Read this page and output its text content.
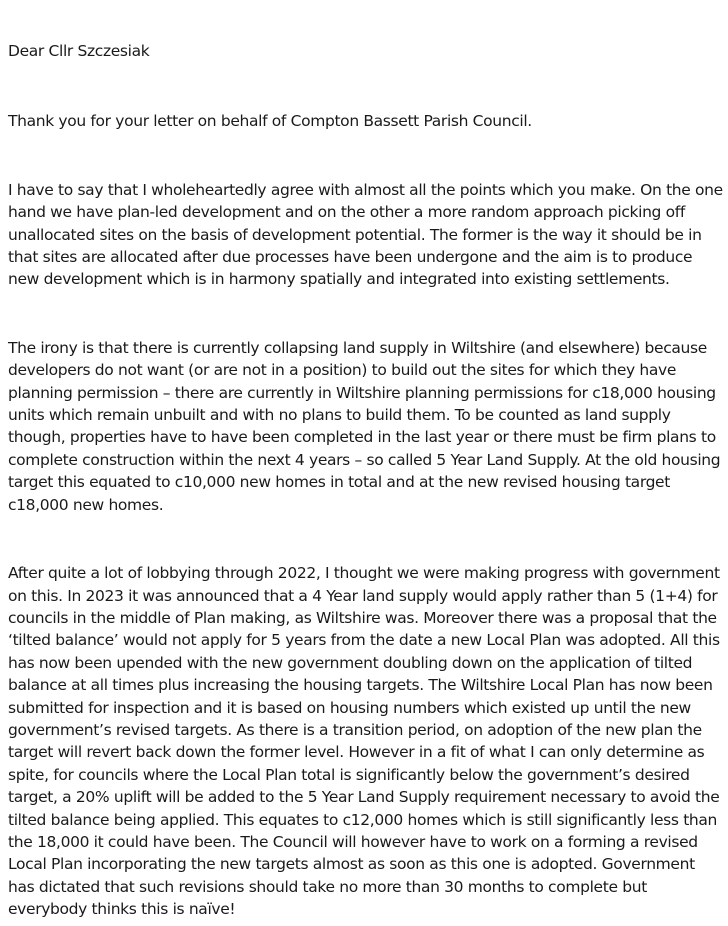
Dear Cllr Szczesiak

Thank you for your letter on behalf of Compton Bassett Parish Council.

I have to say that I wholeheartedly agree with almost all the points which you make. On the one
hand we have plan-led development and on the other a more random approach picking off
unallocated sites on the basis of development potential. The former is the way it should be in
that sites are allocated after due processes have been undergone and the aim is to produce
new development which is in harmony spatially and integrated into existing settlements.

The irony is that there is currently collapsing land supply in Wiltshire (and elsewhere) because
developers do not want (or are not in a position) to build out the sites for which they have
planning permission – there are currently in Wiltshire planning permissions for c18,000 housing
units which remain unbuilt and with no plans to build them. To be counted as land supply
though, properties have to have been completed in the last year or there must be firm plans to
complete construction within the next 4 years – so called 5 Year Land Supply. At the old housing
target this equated to c10,000 new homes in total and at the new revised housing target
c18,000 new homes.

After quite a lot of lobbying through 2022, I thought we were making progress with government
on this. In 2023 it was announced that a 4 Year land supply would apply rather than 5 (1+4) for
councils in the middle of Plan making, as Wiltshire was. Moreover there was a proposal that the
‘tilted balance’ would not apply for 5 years from the date a new Local Plan was adopted. All this
has now been upended with the new government doubling down on the application of tilted
balance at all times plus increasing the housing targets. The Wiltshire Local Plan has now been
submitted for inspection and it is based on housing numbers which existed up until the new
government’s revised targets. As there is a transition period, on adoption of the new plan the
target will revert back down the former level. However in a fit of what I can only determine as
spite, for councils where the Local Plan total is significantly below the government’s desired
target, a 20% uplift will be added to the 5 Year Land Supply requirement necessary to avoid the
tilted balance being applied. This equates to c12,000 homes which is still significantly less than
the 18,000 it could have been. The Council will however have to work on a forming a revised
Local Plan incorporating the new targets almost as soon as this one is adopted. Government
has dictated that such revisions should take no more than 30 months to complete but
everybody thinks this is naïve!
